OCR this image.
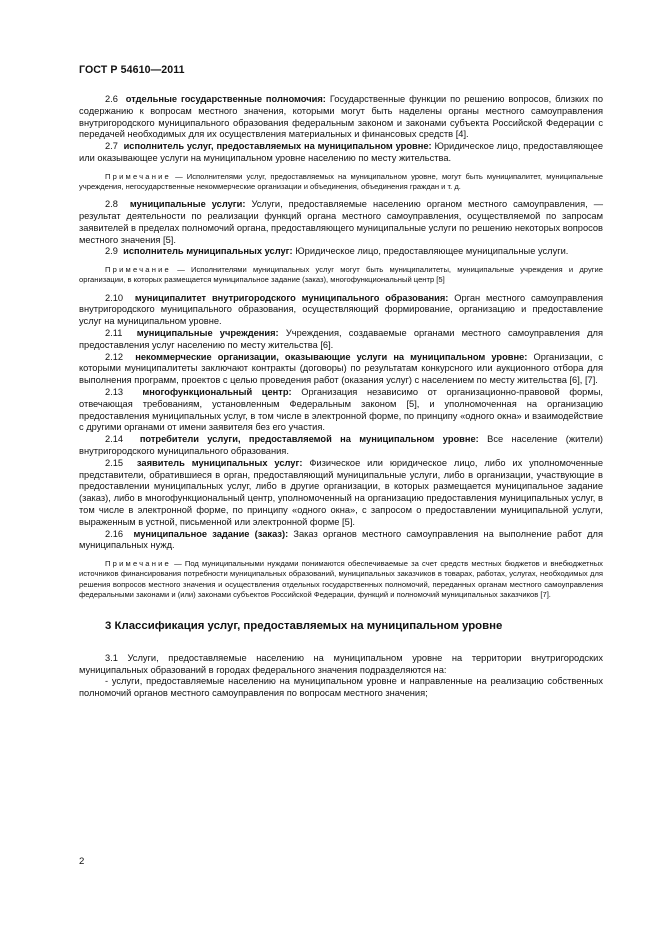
ГОСТ Р 54610—2011

2.6 отдельные государственные полномочия: Государственные функции по решению вопросов, близких по содержанию к вопросам местного значения, которыми могут быть наделены органы местного самоуправления внутригородского муниципального образования федеральным законом и законами субъекта Российской Федерации с передачей необходимых для их осуществления материальных и финансовых средств [4].

2.7 исполнитель услуг, предоставляемых на муниципальном уровне: Юридическое лицо, предоставляющее или оказывающее услуги на муниципальном уровне населению по месту жительства.

Примечание — Исполнителями услуг, предоставляемых на муниципальном уровне, могут быть муниципалитет, муниципальные учреждения, негосударственные некоммерческие организации и объединения, объединения граждан и т. д.

2.8 муниципальные услуги: Услуги, предоставляемые населению органом местного самоуправления, — результат деятельности по реализации функций органа местного самоуправления, осуществляемой по запросам заявителей в пределах полномочий органа, предоставляющего муниципальные услуги по решению некоторых вопросов местного значения [5].

2.9 исполнитель муниципальных услуг: Юридическое лицо, предоставляющее муниципальные услуги.

Примечание — Исполнителями муниципальных услуг могут быть муниципалитеты, муниципальные учреждения и другие организации, в которых размещается муниципальное задание (заказ), многофункциональный центр [5]

2.10 муниципалитет внутригородского муниципального образования: Орган местного самоуправления внутригородского муниципального образования, осуществляющий формирование, организацию и предоставление услуг на муниципальном уровне.

2.11 муниципальные учреждения: Учреждения, создаваемые органами местного самоуправления для предоставления услуг населению по месту жительства [6].

2.12 некоммерческие организации, оказывающие услуги на муниципальном уровне: Организации, с которыми муниципалитеты заключают контракты (договоры) по результатам конкурсного или аукционного отбора для выполнения программ, проектов с целью проведения работ (оказания услуг) с населением по месту жительства [6], [7].

2.13 многофункциональный центр: Организация независимо от организационно-правовой формы, отвечающая требованиям, установленным Федеральным законом [5], и уполномоченная на организацию предоставления муниципальных услуг, в том числе в электронной форме, по принципу «одного окна» и взаимодействие с другими органами от имени заявителя без его участия.

2.14 потребители услуги, предоставляемой на муниципальном уровне: Все население (жители) внутригородского муниципального образования.

2.15 заявитель муниципальных услуг: Физическое или юридическое лицо, либо их уполномоченные представители, обратившиеся в орган, предоставляющий муниципальные услуги, либо в организации, участвующие в предоставлении муниципальных услуг, либо в другие организации, в которых размещается муниципальное задание (заказ), либо в многофункциональный центр, уполномоченный на организацию предоставления муниципальных услуг, в том числе в электронной форме, по принципу «одного окна», с запросом о предоставлении муниципальной услуги, выраженным в устной, письменной или электронной форме [5].

2.16 муниципальное задание (заказ): Заказ органов местного самоуправления на выполнение работ для муниципальных нужд.

Примечание — Под муниципальными нуждами понимаются обеспечиваемые за счет средств местных бюджетов и внебюджетных источников финансирования потребности муниципальных образований, муниципальных заказчиков в товарах, работах, услугах, необходимых для решения вопросов местного значения и осуществления отдельных государственных полномочий, переданных органам местного самоуправления федеральными законами и (или) законами субъектов Российской Федерации, функций и полномочий муниципальных заказчиков [7].

3 Классификация услуг, предоставляемых на муниципальном уровне

3.1 Услуги, предоставляемые населению на муниципальном уровне на территории внутригородских муниципальных образований в городах федерального значения подразделяются на:

- услуги, предоставляемые населению на муниципальном уровне и направленные на реализацию собственных полномочий органов местного самоуправления по вопросам местного значения;

2
